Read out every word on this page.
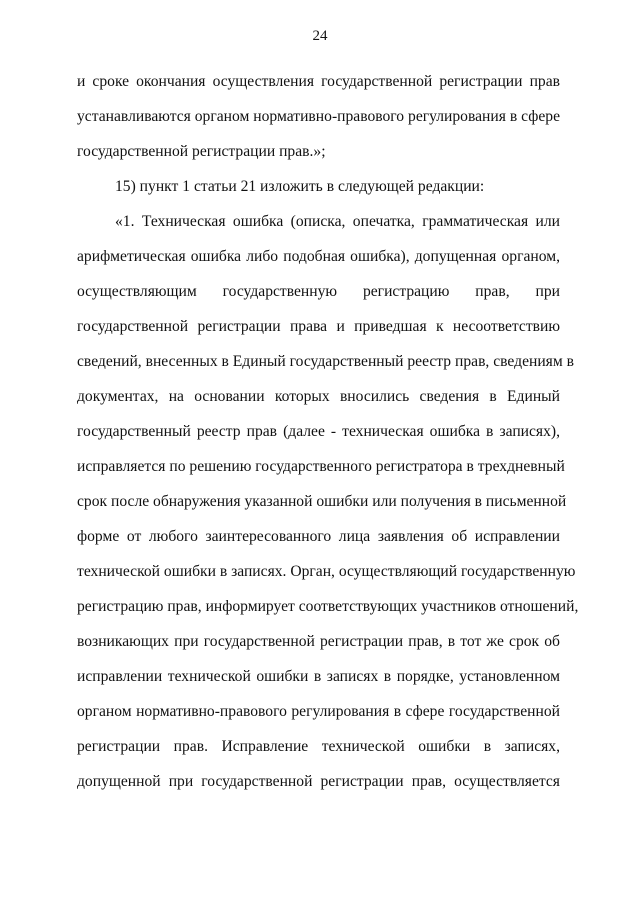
24
и сроке окончания осуществления государственной регистрации прав
устанавливаются органом нормативно-правового регулирования в сфере
государственной регистрации прав.»;
15) пункт 1 статьи 21 изложить в следующей редакции:
«1. Техническая ошибка (описка, опечатка, грамматическая или
арифметическая ошибка либо подобная ошибка), допущенная органом,
осуществляющим государственную регистрацию прав, при
государственной регистрации права и приведшая к несоответствию
сведений, внесенных в Единый государственный реестр прав, сведениям в
документах, на основании которых вносились сведения в Единый
государственный реестр прав (далее - техническая ошибка в записях),
исправляется по решению государственного регистратора в трехдневный
срок после обнаружения указанной ошибки или получения в письменной
форме от любого заинтересованного лица заявления об исправлении
технической ошибки в записях. Орган, осуществляющий государственную
регистрацию прав, информирует соответствующих участников отношений,
возникающих при государственной регистрации прав, в тот же срок об
исправлении технической ошибки в записях в порядке, установленном
органом нормативно-правового регулирования в сфере государственной
регистрации прав. Исправление технической ошибки в записях,
допущенной при государственной регистрации прав, осуществляется
